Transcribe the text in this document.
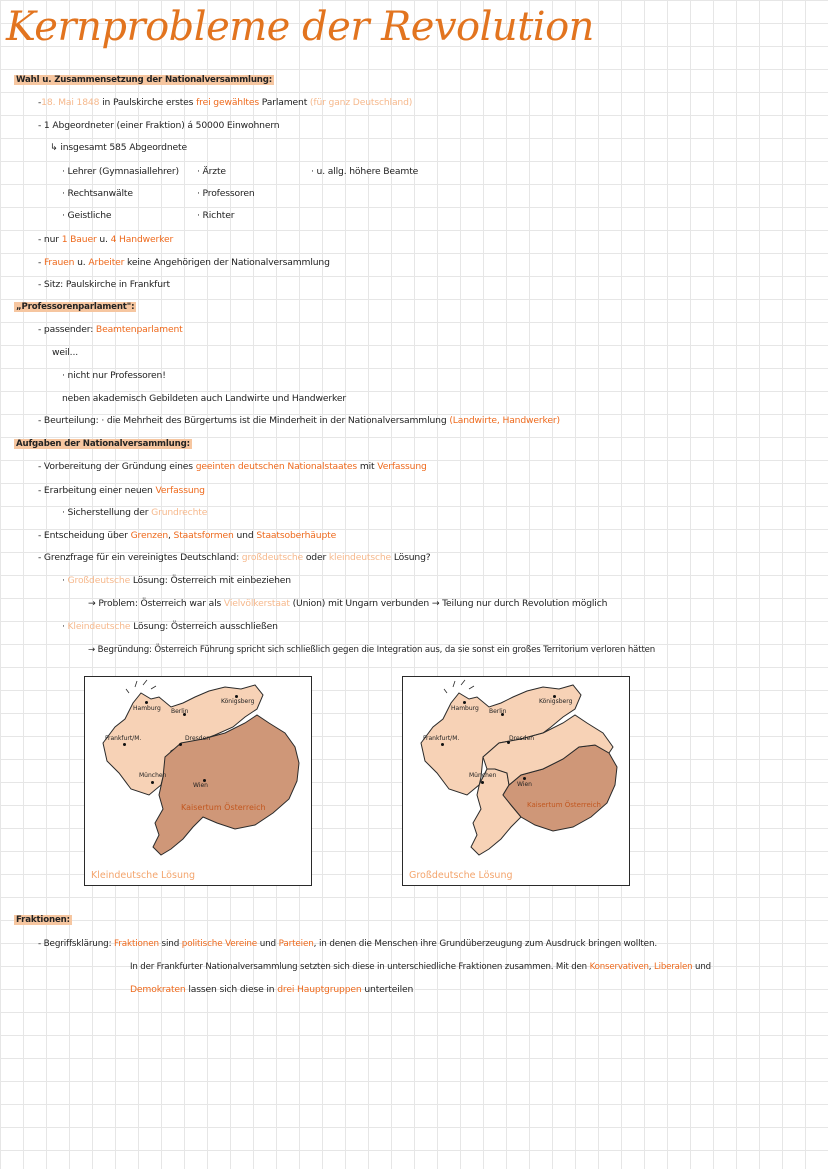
Kernprobleme der Revolution
Wahl u. Zusammensetzung der Nationalversammlung:
-18. Mai 1848 in Paulskirche erstes frei gewähltes Parlament (für ganz Deutschland)
- 1 Abgeordneter (einer Fraktion) á 50000 Einwohnern
↳ insgesamt 585 Abgeordnete
· Lehrer (Gymnasiallehrer)
· Rechtsanwälte
· Geistliche
· Ärzte
· Professoren
· Richter
· u. allg. höhere Beamte
- nur 1 Bauer u. 4 Handwerker
- Frauen u. Arbeiter keine Angehörigen der Nationalversammlung
- Sitz: Paulskirche in Frankfurt
„Professorenparlament":
- passender: Beamtenparlament
weil...
· nicht nur Professoren!
neben akademisch Gebildeten auch Landwirte und Handwerker
- Beurteilung: · die Mehrheit des Bürgertums ist die Minderheit in der Nationalversammlung (Landwirte, Handwerker)
Aufgaben der Nationalversammlung:
- Vorbereitung der Gründung eines geeinten deutschen Nationalstaates mit Verfassung
- Erarbeitung einer neuen Verfassung
· Sicherstellung der Grundrechte
- Entscheidung über Grenzen, Staatsformen und Staatsoberhäupte
- Grenzfrage für ein vereinigtes Deutschland: großdeutsche oder kleindeutsche Lösung?
· Großdeutsche Lösung: Österreich mit einbeziehen
→ Problem: Österreich war als Vielvölkerstaat (Union) mit Ungarn verbunden → Teilung nur durch Revolution möglich
· Kleindeutsche Lösung: Österreich ausschließen
→ Begründung: Österreich Führung spricht sich schließlich gegen die Integration aus, da sie sonst ein großes Territorium verloren hätten
Hamburg Berlin
Königsberg
Frankfurt/M.	Dresden
München
Wien
Kaisertum Österreich
Kleindeutsche Lösung
Hamburg Berlin
Königsberg
Frankfurt/M.	Dresden
München
Wien
Kaisertum Österreich
Großdeutsche Lösung
Fraktionen:
- Begriffsklärung: Fraktionen sind politische Vereine und Parteien, in denen die Menschen ihre Grundüberzeugung zum Ausdruck bringen wollten.
In der Frankfurter Nationalversammlung setzten sich diese in unterschiedliche Fraktionen zusammen. Mit den Konservativen, Liberalen und
Demokraten lassen sich diese in drei Hauptgruppen unterteilen
